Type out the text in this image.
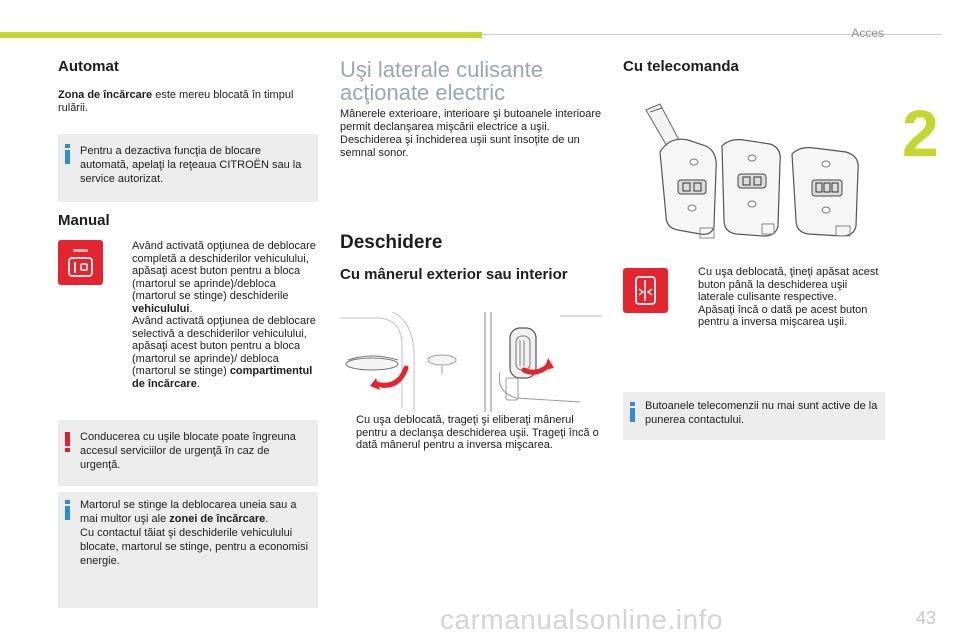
Acces
2
Automat
Zona de încărcare este mereu blocată în timpul rulării.
Pentru a dezactiva funcţia de blocare automată, apelaţi la reţeaua CITROËN sau la service autorizat.
Manual
Având activată opţiunea de deblocare completă a deschiderilor vehiculului, apăsaţi acest buton pentru a bloca (martorul se aprinde)/debloca (martorul se stinge) deschiderile vehiculului.
Având activată opţiunea de deblocare selectivă a deschiderilor vehiculului, apăsaţi acest buton pentru a bloca (martorul se aprinde)/ debloca (martorul se stinge) compartimentul de încărcare.
Conducerea cu uşile blocate poate îngreuna accesul serviciilor de urgenţă în caz de urgenţă.
Martorul se stinge la deblocarea uneia sau a mai multor uşi ale zonei de încărcare.
Cu contactul tăiat şi deschiderile vehiculului blocate, martorul se stinge, pentru a economisi energie.
Uşi laterale culisante
acţionate electric
Mânerele exterioare, interioare şi butoanele interioare permit declanşarea mişcării electrice a uşii.
Deschiderea şi închiderea uşii sunt însoţite de un semnal sonor.
Deschidere
Cu mânerul exterior sau interior
Cu uşa deblocată, trageţi şi eliberaţi mânerul pentru a declanşa deschiderea uşii. Trageţi încă o dată mânerul pentru a inversa mişcarea.
Cu telecomanda
Cu uşa deblocată, ţineţi apăsat acest buton până la deschiderea uşii laterale culisante respective.
Apăsaţi încă o dată pe acest buton pentru a inversa mişcarea uşii.
Butoanele telecomenzii nu mai sunt active de la punerea contactului.
carmanualsonline.info	43
